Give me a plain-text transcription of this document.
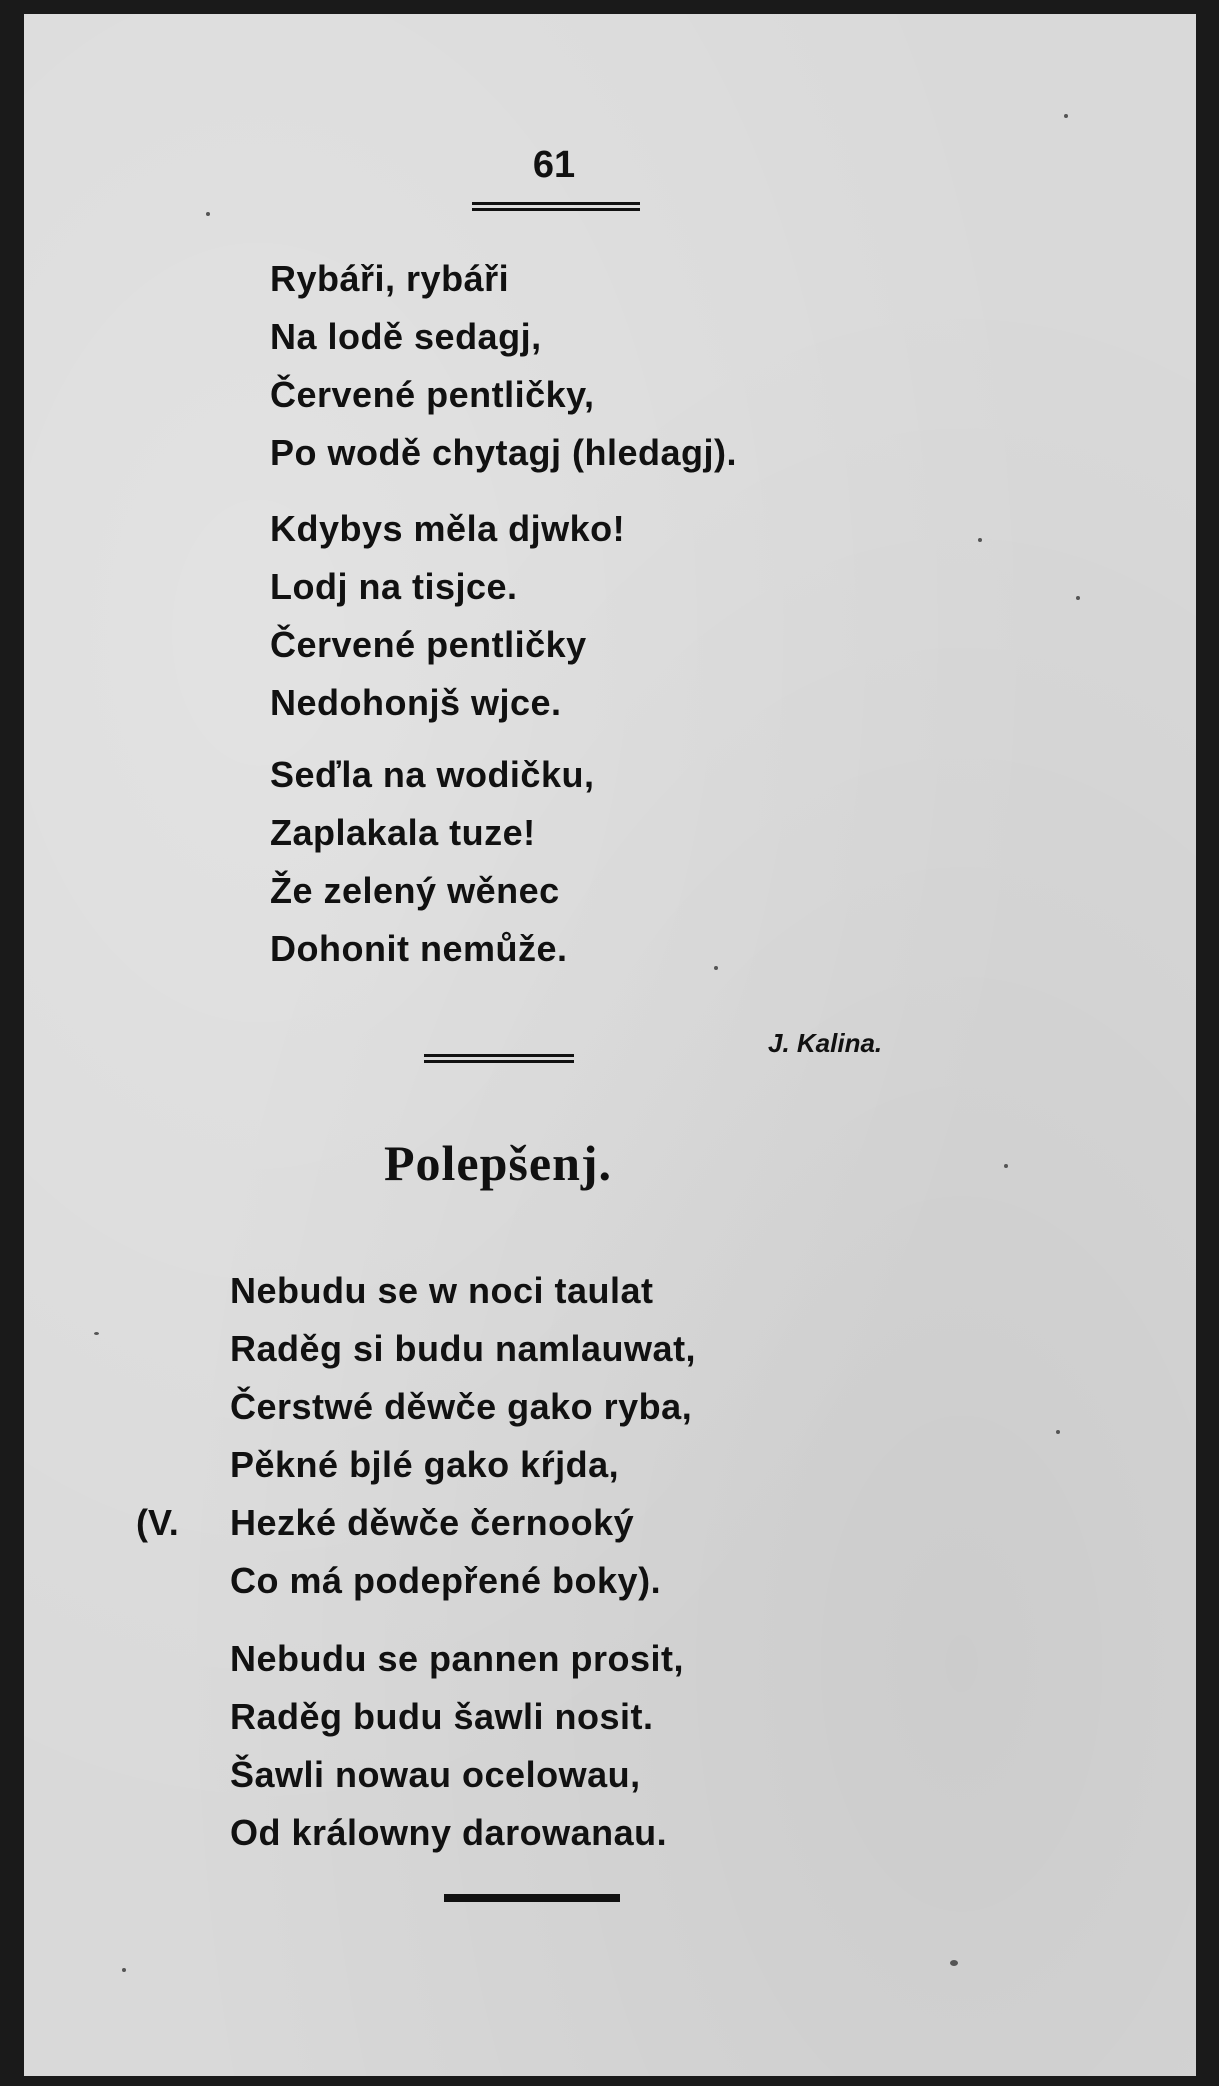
61
Rybáři, rybáři
Na lodě sedagj,
Červené pentličky,
Po wodě chytagj (hledagj).
Kdybys měla djwko!
Lodj na tisjce.
Červené pentličky
Nedohonjš wjce.
Seďla na wodičku,
Zaplakala tuze!
Že zelený wěnec
Dohonit nemůže.
J. Kalina.
Polepšenj.
(V.
Nebudu se w noci taulat
Raděg si budu namlauwat,
Čerstwé děwče gako ryba,
Pěkné bjlé gako kŕjda,
Hezké děwče černooký
Co má podepřené boky).
Nebudu se pannen prosit,
Raděg budu šawli nosit.
Šawli nowau ocelowau,
Od králowny darowanau.
